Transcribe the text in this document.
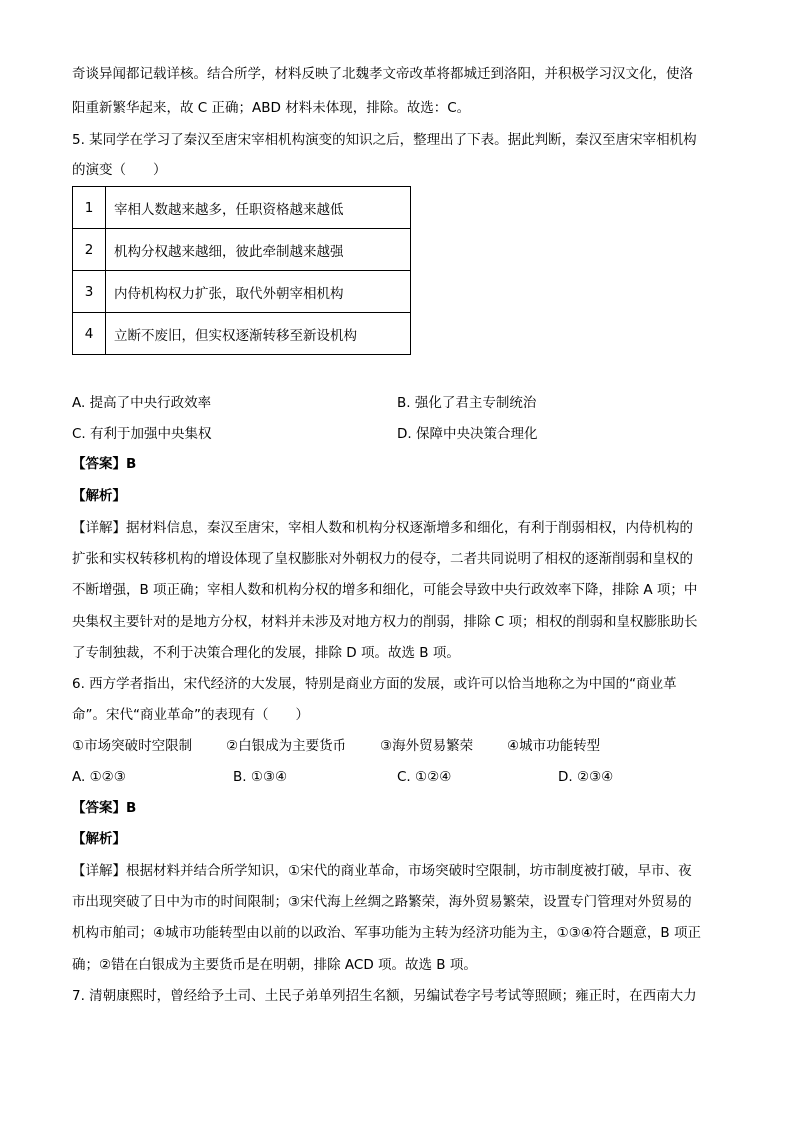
奇谈异闻都记载详核。结合所学，材料反映了北魏孝文帝改革将都城迁到洛阳，并积极学习汉文化，使洛
阳重新繁华起来，故 C 正确；ABD 材料未体现，排除。故选：C。
5. 某同学在学习了秦汉至唐宋宰相机构演变的知识之后，整理出了下表。据此判断，秦汉至唐宋宰相机构
的演变（　　）
1	宰相人数越来越多，任职资格越来越低
2	机构分权越来越细，彼此牵制越来越强
3	内侍机构权力扩张，取代外朝宰相机构
4	立断不废旧，但实权逐渐转移至新设机构
A. 提高了中央行政效率	B. 强化了君主专制统治
C. 有利于加强中央集权	D. 保障中央决策合理化
【答案】B
【解析】
【详解】据材料信息，秦汉至唐宋，宰相人数和机构分权逐渐增多和细化，有利于削弱相权，内侍机构的
扩张和实权转移机构的增设体现了皇权膨胀对外朝权力的侵夺，二者共同说明了相权的逐渐削弱和皇权的
不断增强，B 项正确；宰相人数和机构分权的增多和细化，可能会导致中央行政效率下降，排除 A 项；中
央集权主要针对的是地方分权，材料并未涉及对地方权力的削弱，排除 C 项；相权的削弱和皇权膨胀助长
了专制独裁，不利于决策合理化的发展，排除 D 项。故选 B 项。
6. 西方学者指出，宋代经济的大发展，特别是商业方面的发展，或许可以恰当地称之为中国的“商业革
命”。宋代“商业革命”的表现有（　　）
①市场突破时空限制	②白银成为主要货币	③海外贸易繁荣	④城市功能转型
A. ①②③	B. ①③④	C. ①②④	D. ②③④
【答案】B
【解析】
【详解】根据材料并结合所学知识，①宋代的商业革命，市场突破时空限制，坊市制度被打破，早市、夜
市出现突破了日中为市的时间限制；③宋代海上丝绸之路繁荣，海外贸易繁荣，设置专门管理对外贸易的
机构市舶司；④城市功能转型由以前的以政治、军事功能为主转为经济功能为主，①③④符合题意，B 项正
确；②错在白银成为主要货币是在明朝，排除 ACD 项。故选 B 项。
7. 清朝康熙时，曾经给予土司、土民子弟单列招生名额，另编试卷字号考试等照顾；雍正时，在西南大力
